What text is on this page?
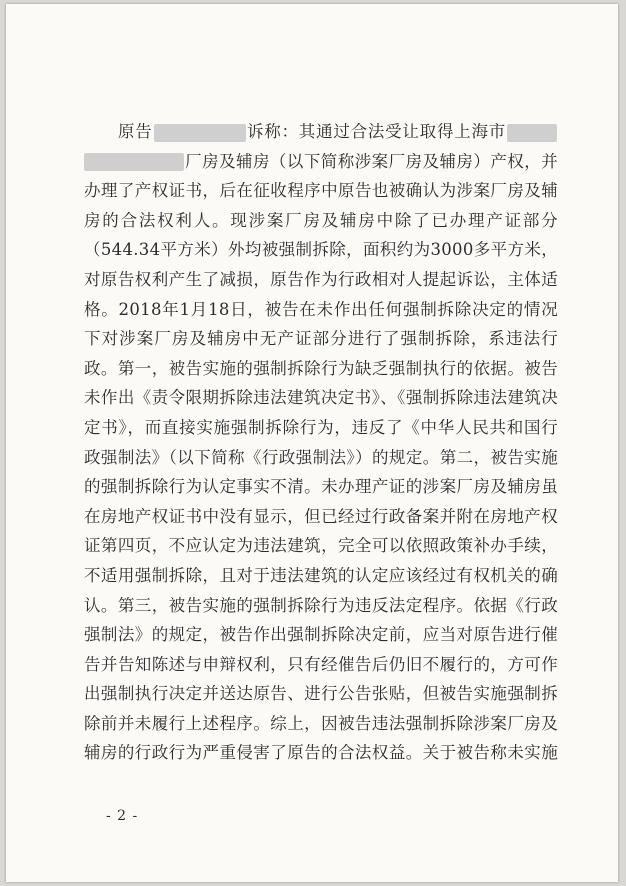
原告	诉称：其通过合法受让取得上海市
厂房及辅房（以下简称涉案厂房及辅房）产权，并
办理了产权证书，后在征收程序中原告也被确认为涉案厂房及辅
房的合法权利人。现涉案厂房及辅房中除了已办理产证部分
（544.34平方米）外均被强制拆除，面积约为3000多平方米，
对原告权利产生了减损，原告作为行政相对人提起诉讼，主体适
格。2018年1月18日，被告在未作出任何强制拆除决定的情况
下对涉案厂房及辅房中无产证部分进行了强制拆除，系违法行
政。第一，被告实施的强制拆除行为缺乏强制执行的依据。被告
未作出《责令限期拆除违法建筑决定书》、《强制拆除违法建筑决
定书》，而直接实施强制拆除行为，违反了《中华人民共和国行
政强制法》（以下简称《行政强制法》）的规定。第二，被告实施
的强制拆除行为认定事实不清。未办理产证的涉案厂房及辅房虽
在房地产权证书中没有显示，但已经过行政备案并附在房地产权
证第四页，不应认定为违法建筑，完全可以依照政策补办手续，
不适用强制拆除，且对于违法建筑的认定应该经过有权机关的确
认。第三，被告实施的强制拆除行为违反法定程序。依据《行政
强制法》的规定，被告作出强制拆除决定前，应当对原告进行催
告并告知陈述与申辩权利，只有经催告后仍旧不履行的，方可作
出强制执行决定并送达原告、进行公告张贴，但被告实施强制拆
除前并未履行上述程序。综上，因被告违法强制拆除涉案厂房及
辅房的行政行为严重侵害了原告的合法权益。关于被告称未实施
- 2 -
